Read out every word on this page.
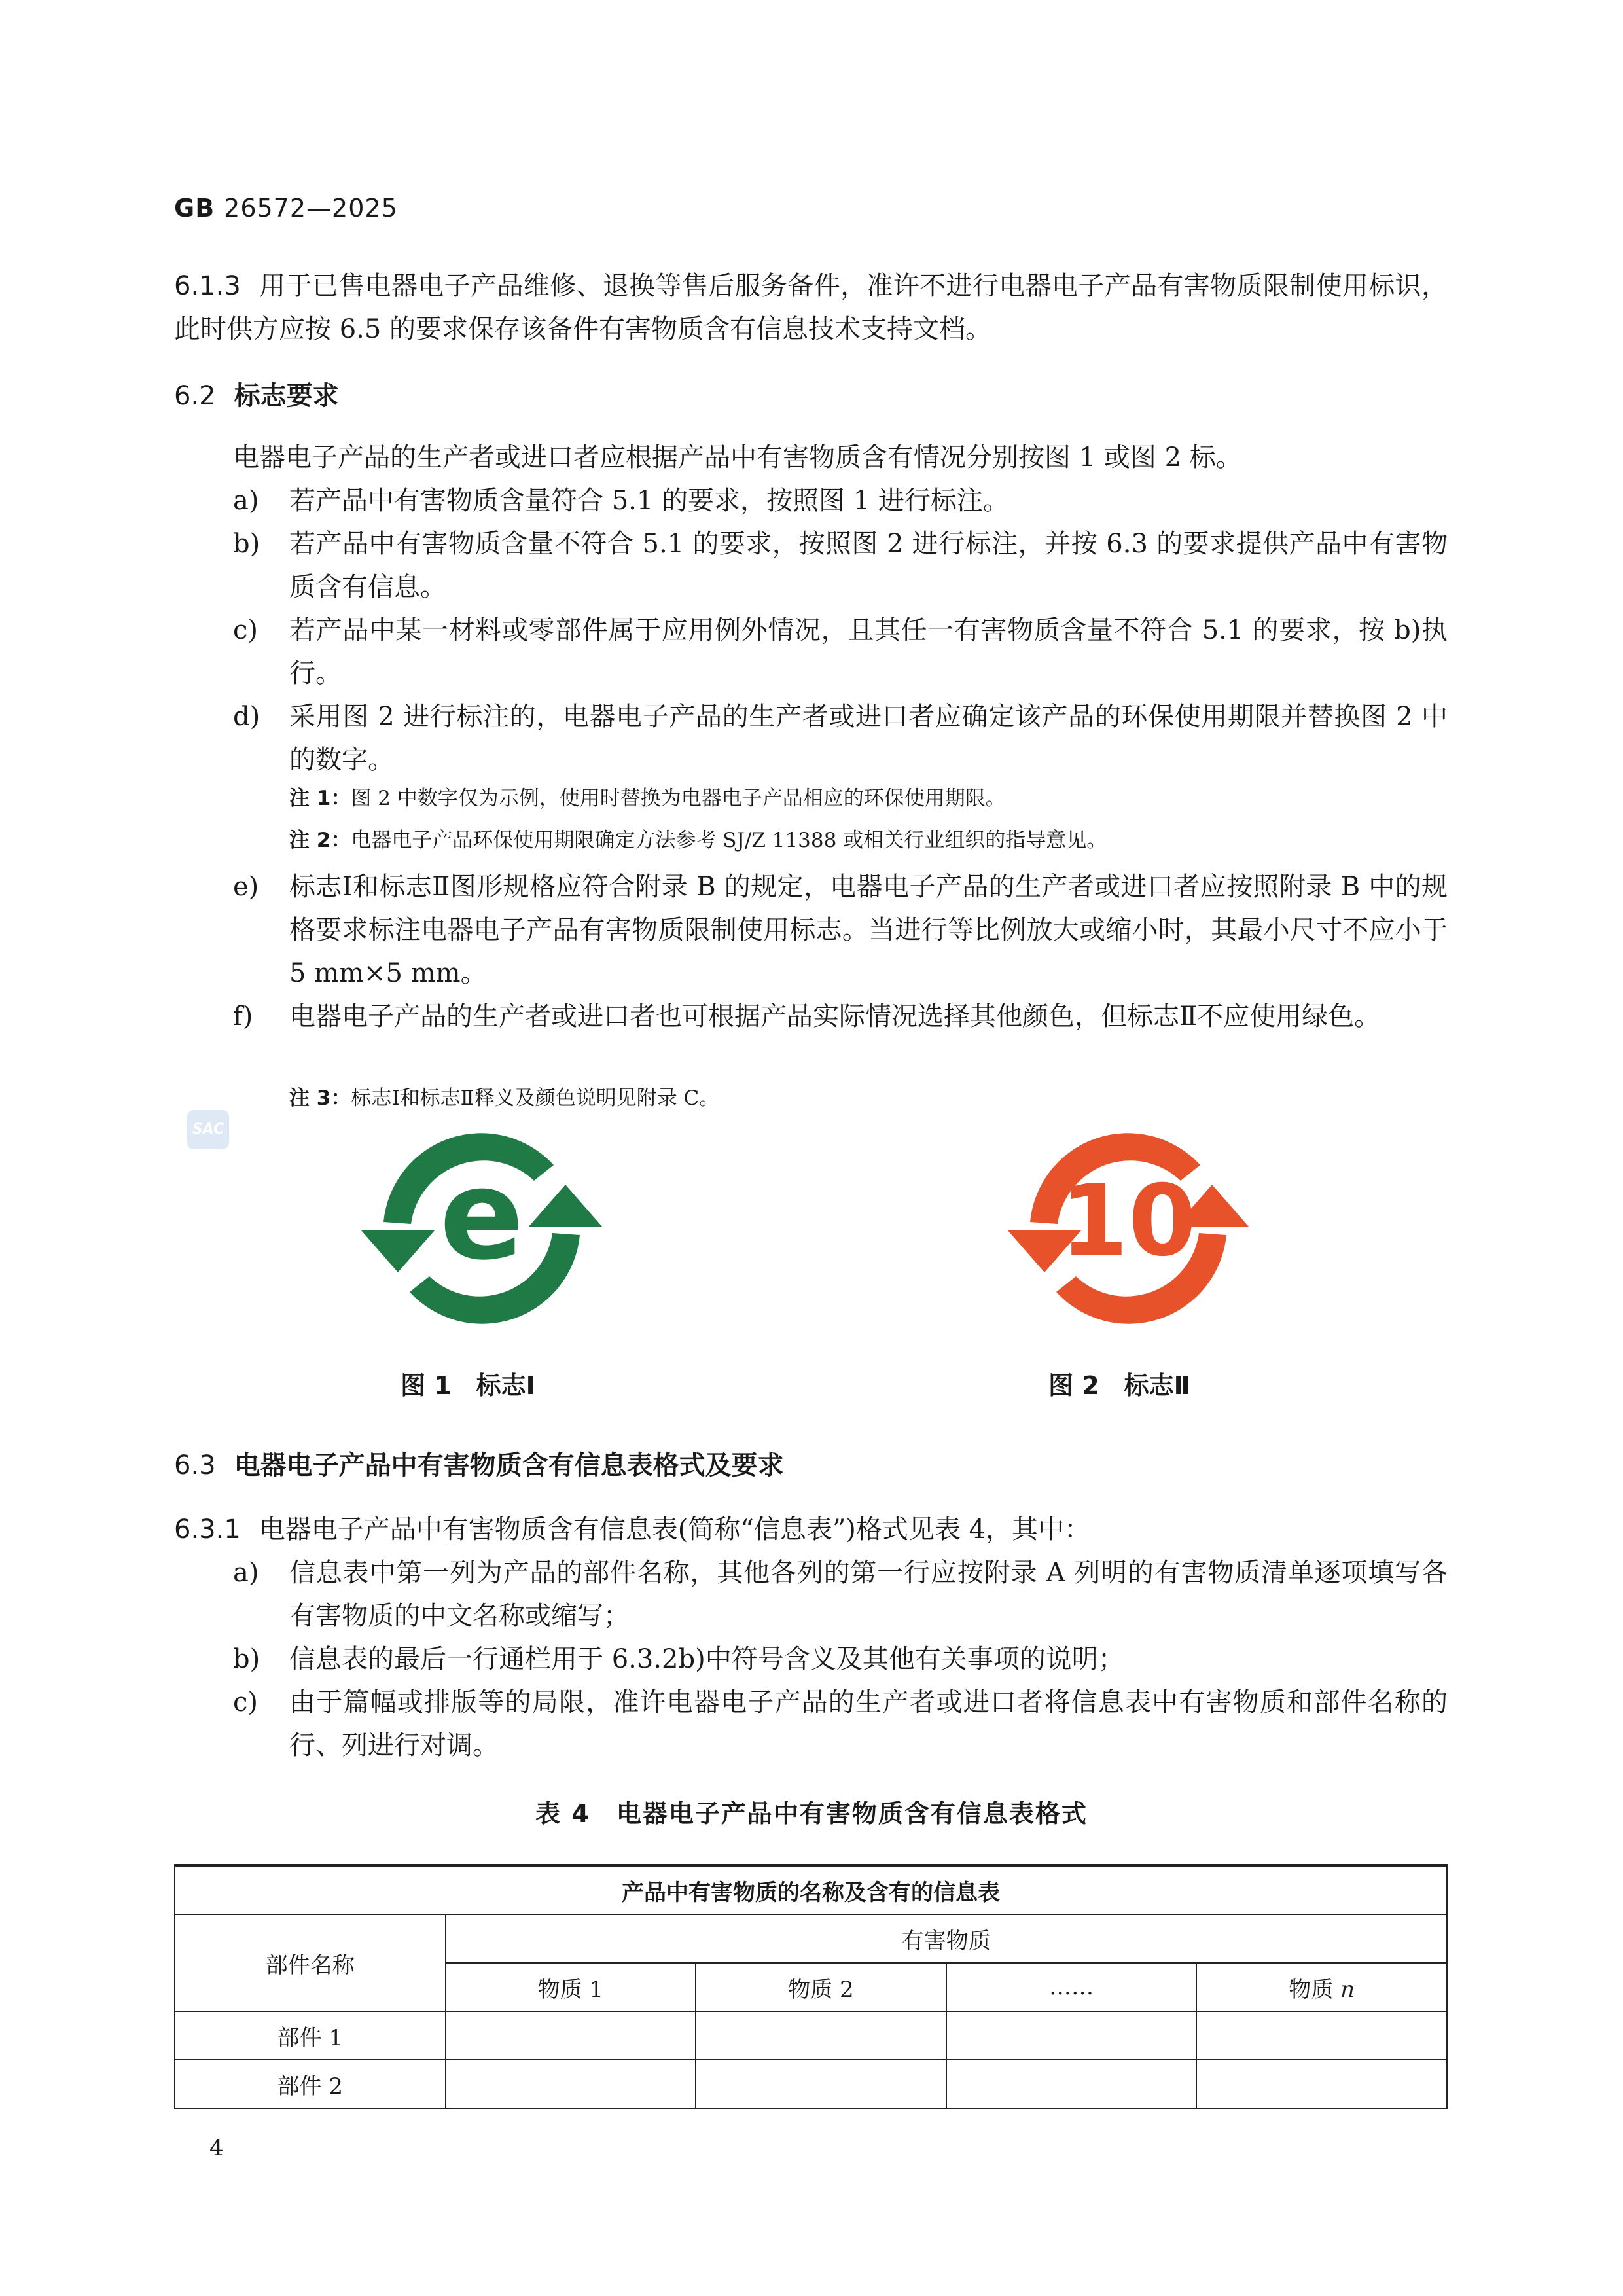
GB 26572—2025
6.1.3 用于已售电器电子产品维修、退换等售后服务备件，准许不进行电器电子产品有害物质限制使用标识，此时供方应按 6.5 的要求保存该备件有害物质含有信息技术支持文档。
6.2 标志要求
电器电子产品的生产者或进口者应根据产品中有害物质含有情况分别按图 1 或图 2 标。
a)	若产品中有害物质含量符合 5.1 的要求，按照图 1 进行标注。
b)	若产品中有害物质含量不符合 5.1 的要求，按照图 2 进行标注，并按 6.3 的要求提供产品中有害物质含有信息。
c)	若产品中某一材料或零部件属于应用例外情况，且其任一有害物质含量不符合 5.1 的要求，按 b)执行。
d)	采用图 2 进行标注的，电器电子产品的生产者或进口者应确定该产品的环保使用期限并替换图 2 中的数字。
注 1：图 2 中数字仅为示例，使用时替换为电器电子产品相应的环保使用期限。
注 2：电器电子产品环保使用期限确定方法参考 SJ/Z 11388 或相关行业组织的指导意见。
e)	标志Ⅰ和标志Ⅱ图形规格应符合附录 B 的规定，电器电子产品的生产者或进口者应按照附录 B 中的规格要求标注电器电子产品有害物质限制使用标志。当进行等比例放大或缩小时，其最小尺寸不应小于 5 mm×5 mm。
f)	电器电子产品的生产者或进口者也可根据产品实际情况选择其他颜色，但标志Ⅱ不应使用绿色。
注 3：标志Ⅰ和标志Ⅱ释义及颜色说明见附录 C。
SAC
e	10
图 1　标志Ⅰ	图 2　标志Ⅱ
6.3 电器电子产品中有害物质含有信息表格式及要求
6.3.1 电器电子产品中有害物质含有信息表(简称“信息表”)格式见表 4，其中：
a)	信息表中第一列为产品的部件名称，其他各列的第一行应按附录 A 列明的有害物质清单逐项填写各有害物质的中文名称或缩写；
b)	信息表的最后一行通栏用于 6.3.2b)中符号含义及其他有关事项的说明；
c)	由于篇幅或排版等的局限，准许电器电子产品的生产者或进口者将信息表中有害物质和部件名称的行、列进行对调。
表 4　电器电子产品中有害物质含有信息表格式
产品中有害物质的名称及含有的信息表				
部件名称	有害物质			
	物质 1	物质 2	……	物质 n
部件 1				
部件 2				
4
